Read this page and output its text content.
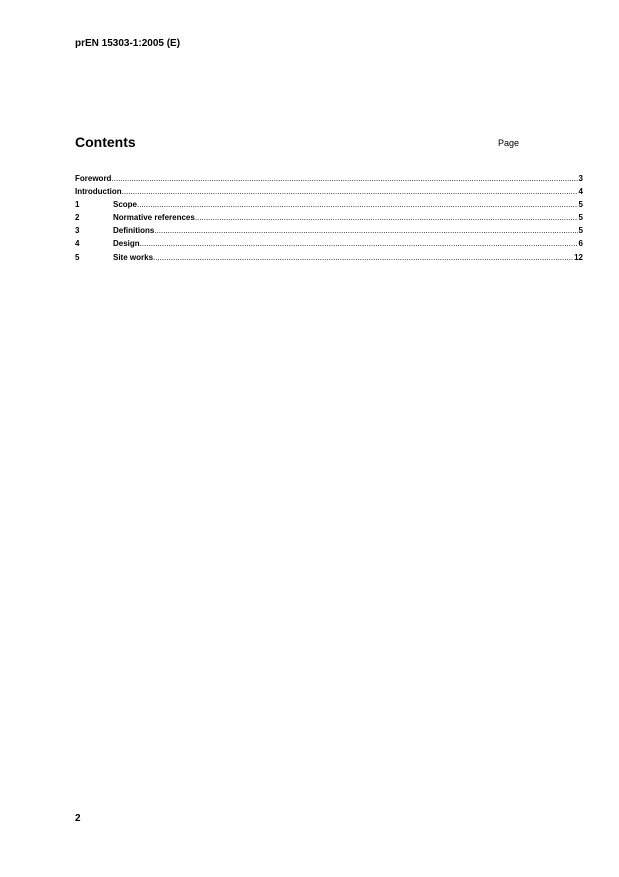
prEN 15303-1:2005 (E)
Contents	Page
Foreword .....	3
Introduction .....	4
1	Scope .....	5
2	Normative references .....	5
3	Definitions .....	5
4	Design .....	6
5	Site works .....	12
2
